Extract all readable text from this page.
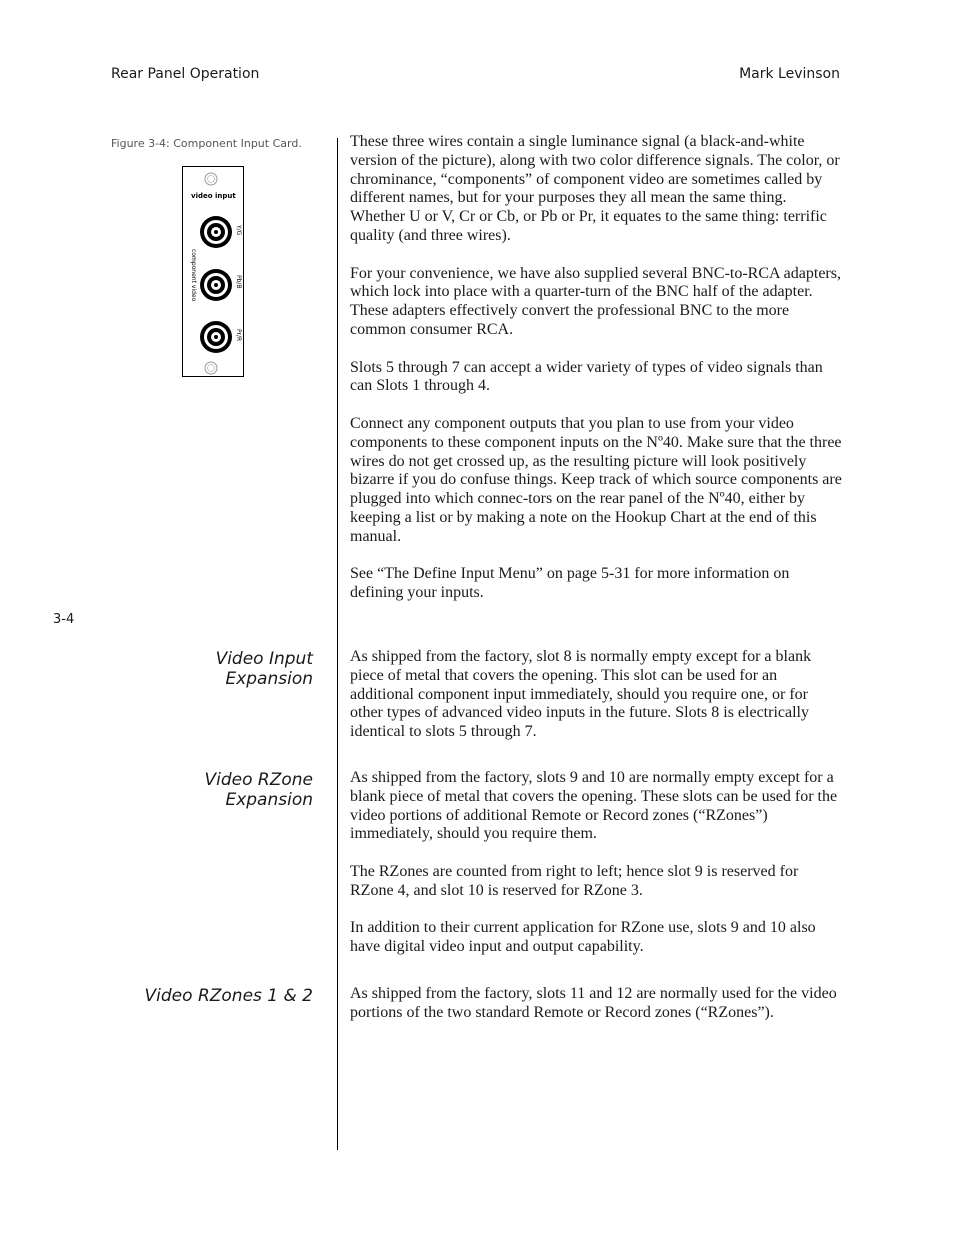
Rear Panel Operation	Mark Levinson
Figure 3-4: Component Input Card.
video input
component video
Y/G
Pb/B
Pr/R
3-4

These three wires contain a single luminance signal (a black-and-white version of the picture), along with two color difference signals. The color, or chrominance, “components” of component video are sometimes called by different names, but for your purposes they all mean the same thing. Whether U or V, Cr or Cb, or Pb or Pr, it equates to the same thing: terrific quality (and three wires).

For your convenience, we have also supplied several BNC-to-RCA adapters, which lock into place with a quarter-turn of the BNC half of the adapter. These adapters effectively convert the professional BNC to the more common consumer RCA.

Slots 5 through 7 can accept a wider variety of types of video signals than can Slots 1 through 4.

Connect any component outputs that you plan to use from your video components to these component inputs on the Nº40. Make sure that the three wires do not get crossed up, as the resulting picture will look positively bizarre if you do confuse things. Keep track of which source components are plugged into which connec-tors on the rear panel of the Nº40, either by keeping a list or by making a note on the Hookup Chart at the end of this manual.

See “The Define Input Menu” on page 5-31 for more information on defining your inputs.

Video Input
Expansion

As shipped from the factory, slot 8 is normally empty except for a blank piece of metal that covers the opening. This slot can be used for an additional component input immediately, should you require one, or for other types of advanced video inputs in the future. Slots 8 is electrically identical to slots 5 through 7.

Video RZone
Expansion

As shipped from the factory, slots 9 and 10 are normally empty except for a blank piece of metal that covers the opening. These slots can be used for the video portions of additional Remote or Record zones (“RZones”) immediately, should you require them.

The RZones are counted from right to left; hence slot 9 is reserved for RZone 4, and slot 10 is reserved for RZone 3.

In addition to their current application for RZone use, slots 9 and 10 also have digital video input and output capability.

Video RZones 1 & 2 As shipped from the factory, slots 11 and 12 are normally used for the video portions of the two standard Remote or Record zones (“RZones”).
